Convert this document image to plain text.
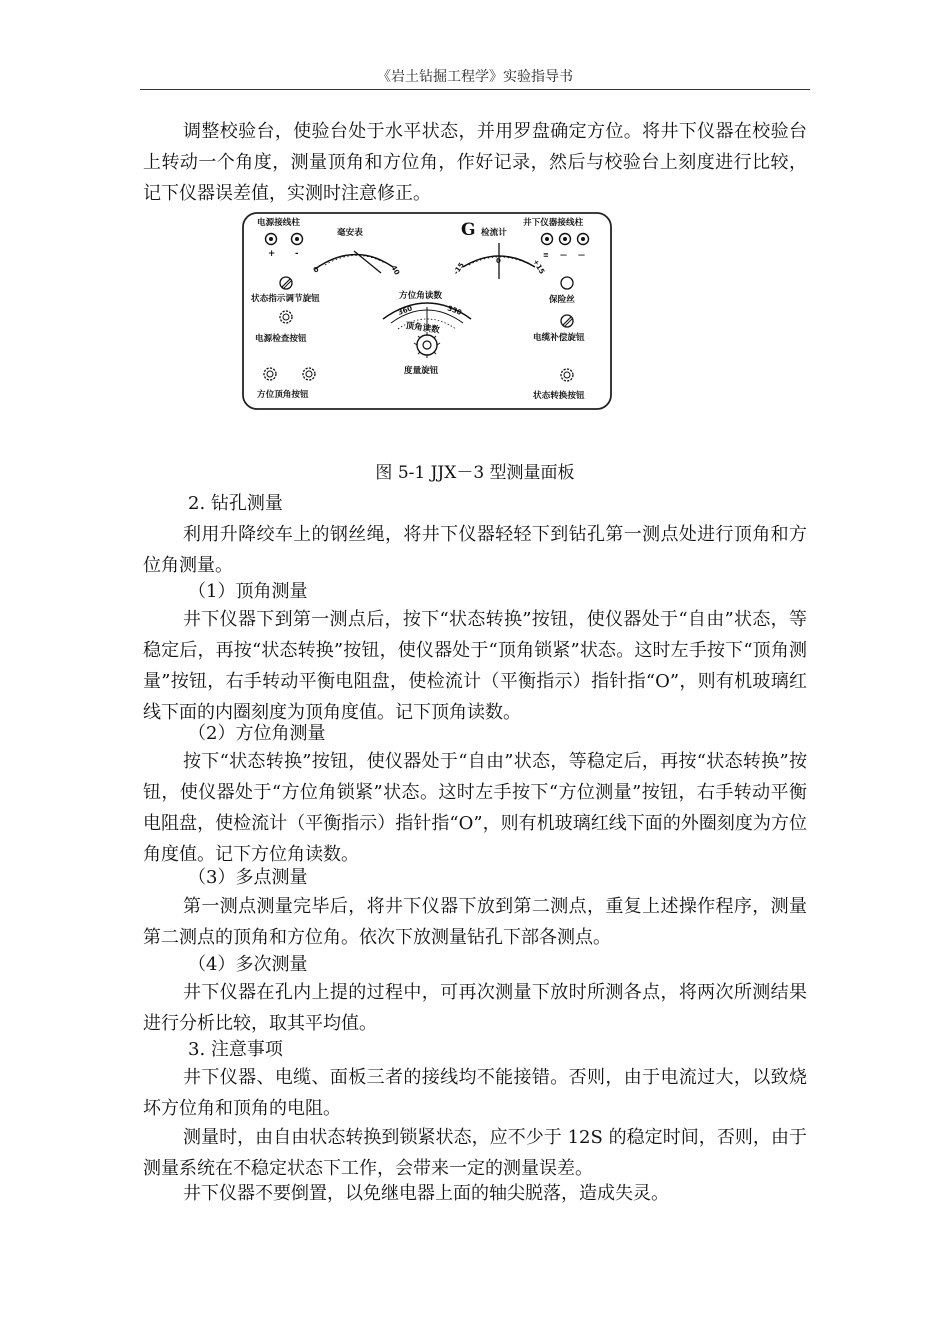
《岩土钻掘工程学》实验指导书

调整校验台，使验台处于水平状态，并用罗盘确定方位。将井下仪器在校验台上转动一个角度，测量顶角和方位角，作好记录，然后与校验台上刻度进行比较，记下仪器误差值，实测时注意修正。

电源接线柱
+ -
毫安表
0	40
G 检流计
-15
0	+15
井下仪器接线柱
≡ — —
状态指示调节旋钮	方位角读数
360	330
顶角读数
保险丝
电源检查按钮	电缆补偿旋钮
度量旋钮
方位顶角按钮	状态转换按钮
图 5-1 JJX－3 型测量面板

2. 钻孔测量

利用升降绞车上的钢丝绳，将井下仪器轻轻下到钻孔第一测点处进行顶角和方位角测量。

（1）顶角测量

井下仪器下到第一测点后，按下“状态转换”按钮，使仪器处于“自由”状态，等稳定后，再按“状态转换”按钮，使仪器处于“顶角锁紧”状态。这时左手按下“顶角测量”按钮，右手转动平衡电阻盘，使检流计（平衡指示）指针指“O”，则有机玻璃红线下面的内圈刻度为顶角度值。记下顶角读数。

（2）方位角测量

按下“状态转换”按钮，使仪器处于“自由”状态，等稳定后，再按“状态转换”按钮，使仪器处于“方位角锁紧”状态。这时左手按下“方位测量”按钮，右手转动平衡电阻盘，使检流计（平衡指示）指针指“O”，则有机玻璃红线下面的外圈刻度为方位角度值。记下方位角读数。

（3）多点测量

第一测点测量完毕后，将井下仪器下放到第二测点，重复上述操作程序，测量第二测点的顶角和方位角。依次下放测量钻孔下部各测点。

（4）多次测量

井下仪器在孔内上提的过程中，可再次测量下放时所测各点，将两次所测结果进行分析比较，取其平均值。

3. 注意事项

井下仪器、电缆、面板三者的接线均不能接错。否则，由于电流过大，以致烧坏方位角和顶角的电阻。

测量时，由自由状态转换到锁紧状态，应不少于 12S 的稳定时间，否则，由于测量系统在不稳定状态下工作，会带来一定的测量误差。

井下仪器不要倒置，以免继电器上面的轴尖脱落，造成失灵。
